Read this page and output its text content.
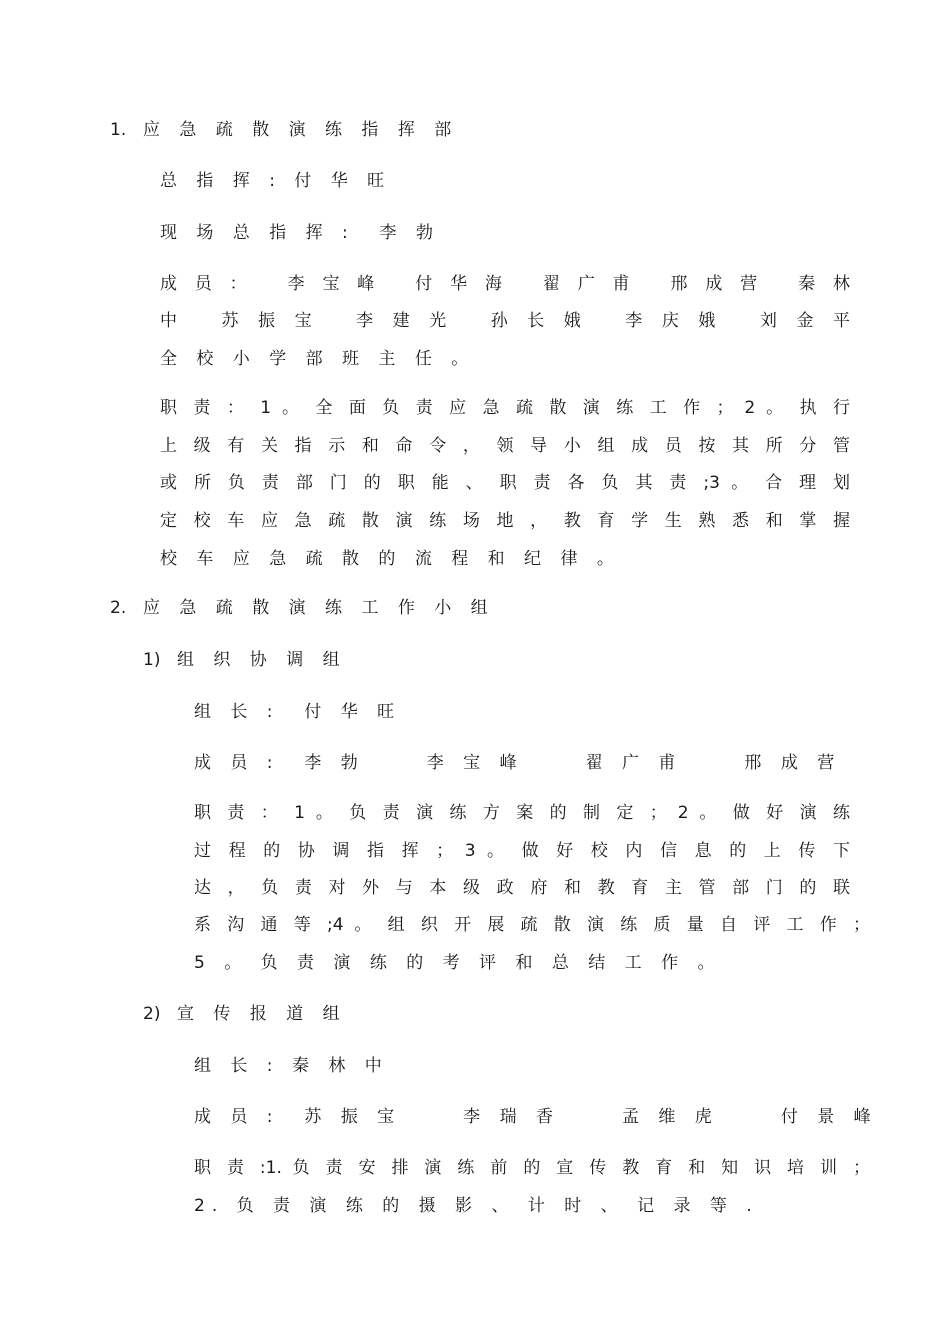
1. 应 急 疏 散 演 练 指 挥 部
总 指 挥 : 付 华 旺
现 场 总 指 挥 :  李 勃
成员： 李宝峰 付华海 翟广甫 邢成营 秦林
中 苏振宝 李建光 孙长娥 李庆娥 刘金平
全 校 小 学 部 班 主 任 。
职 责 ： 1 。 全 面 负 责 应 急 疏 散 演 练 工 作 ； 2 。 执 行
上 级 有 关 指 示 和 命 令 ， 领 导 小 组 成 员 按 其 所 分 管
或 所 负 责 部 门 的 职 能 、 职 责 各 负 其 责 ;3 。 合 理 划
定 校 车 应 急 疏 散 演 练 场 地 ， 教 育 学 生 熟 悉 和 掌 握
校 车 应 急 疏 散 的 流 程 和 纪 律 。
2. 应 急 疏 散 演 练 工 作 小 组
1) 组 织 协 调 组
组 长 :  付 华 旺
成 员 :  李 勃     李 宝 峰     翟 广 甫     邢 成 营
职 责 ： 1 。 负 责 演 练 方 案 的 制 定 ； 2 。 做 好 演 练
过 程 的 协 调 指 挥 ； 3 。 做 好 校 内 信 息 的 上 传 下
达 ， 负 责 对 外 与 本 级 政 府 和 教 育 主 管 部 门 的 联
系 沟 通 等 ;4 。 组 织 开 展 疏 散 演 练 质 量 自 评 工 作 ；
5 。 负 责 演 练 的 考 评 和 总 结 工 作 。
2) 宣 传 报 道 组
组 长 : 秦 林 中
成 员 :  苏 振 宝     李 瑞 香     孟 维 虎     付 景 峰
职 责 :1. 负 责 安 排 演 练 前 的 宣 传 教 育 和 知 识 培 训 ；
2. 负 责 演 练 的 摄 影 、 计 时 、 记 录 等 .
